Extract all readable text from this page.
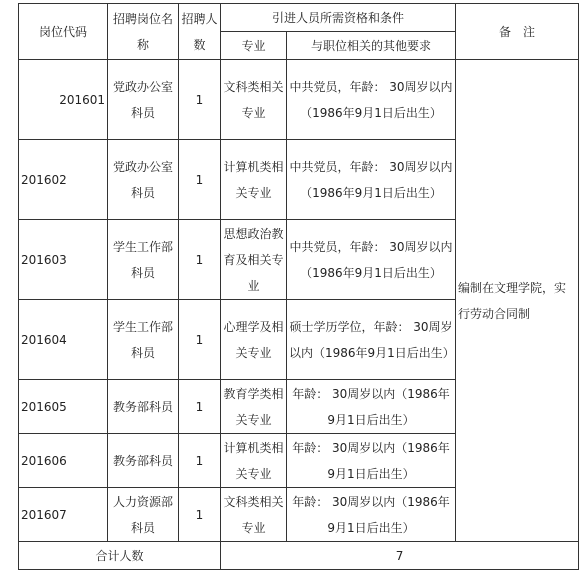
岗位代码	招聘岗位名称	招聘人数	引进人员所需资格和条件		备　注
			专业	与职位相关的其他要求	
201601	党政办公室科员	1	文科类相关专业	中共党员，年龄： 30周岁以内（1986年9月1日后出生）	编制在文理学院，实行劳动合同制
201602	党政办公室科员	1	计算机类相关专业	中共党员，年龄： 30周岁以内（1986年9月1日后出生）	
201603	学生工作部科员	1	思想政治教育及相关专业	中共党员，年龄： 30周岁以内（1986年9月1日后出生）	
201604	学生工作部科员	1	心理学及相关专业	硕士学历学位，年龄： 30周岁以内（1986年9月1日后出生）	
201605	教务部科员	1	教育学类相关专业	年龄： 30周岁以内（1986年9月1日后出生）	
201606	教务部科员	1	计算机类相关专业	年龄： 30周岁以内（1986年9月1日后出生）	
201607	人力资源部科员	1	文科类相关专业	年龄： 30周岁以内（1986年9月1日后出生）	
合计人数			7		
